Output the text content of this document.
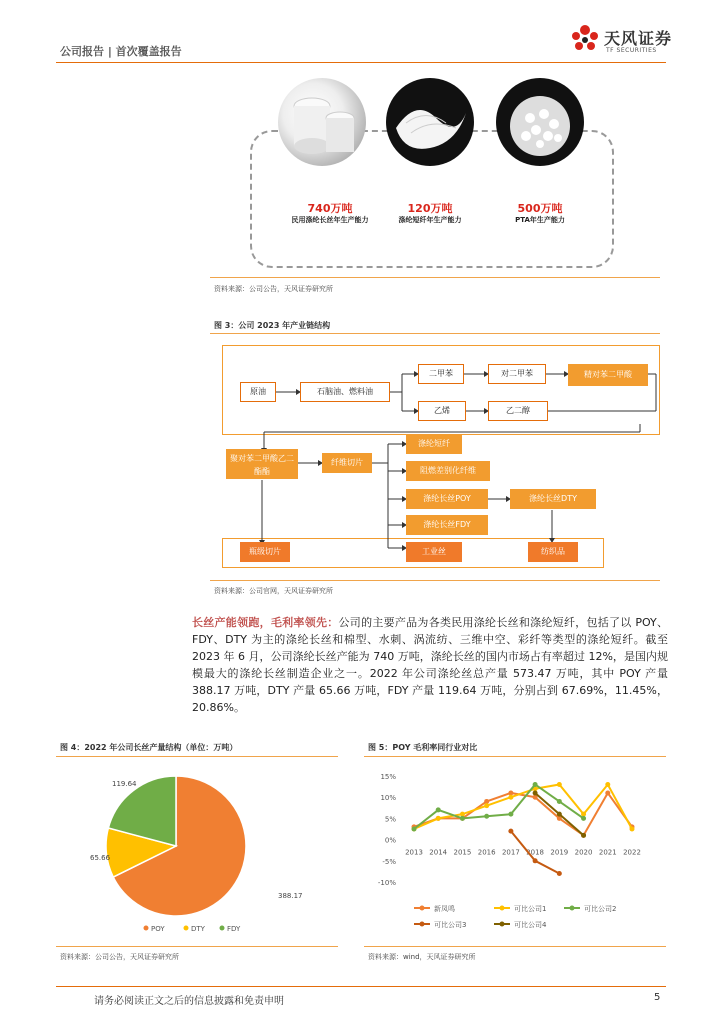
公司报告 | 首次覆盖报告
天风证券
TF SECURITIES
740万吨
民用涤纶长丝年生产能力
120万吨
涤纶短纤年生产能力
500万吨
PTA年生产能力
资料来源：公司公告，天风证券研究所
图 3：公司 2023 年产业链结构
原油	石脑油、燃料油
二甲苯	对二甲苯	精对苯二甲酸
乙烯	乙二醇
聚对苯二甲酸乙二酯酯
纤维切片
涤纶短纤
阻燃差别化纤维
涤纶长丝POY	涤纶长丝DTY
涤纶长丝FDY
瓶级切片	工业丝	纺织品
资料来源：公司官网，天风证券研究所
长丝产能领跑，毛利率领先：公司的主要产品为各类民用涤纶长丝和涤纶短纤，包括了以 POY、FDY、DTY 为主的涤纶长丝和棉型、水刺、涡流纺、三维中空、彩纤等类型的涤纶短纤。截至 2023 年 6 月，公司涤纶长丝产能为 740 万吨，涤纶长丝的国内市场占有率超过 12%，是国内规模最大的涤纶长丝制造企业之一。2022 年公司涤纶丝总产量 573.47 万吨，其中 POY 产量 388.17 万吨，DTY 产量 65.66 万吨，FDY 产量 119.64 万吨，分别占到 67.69%，11.45%，20.86%。
图 4：2022 年公司长丝产量结构（单位：万吨）
388.17
65.66
119.64
POY	DTY	FDY
资料来源：公司公告，天风证券研究所
图 5：POY 毛利率同行业对比
15%
10%
5%
0%
-5%
-10%
2013 2014 2015 2016 2017 2018 2019 2020 2021 2022
新凤鸣	可比公司1	可比公司2
可比公司3	可比公司4
资料来源：wind，天风证券研究所
请务必阅读正文之后的信息披露和免责申明	5
